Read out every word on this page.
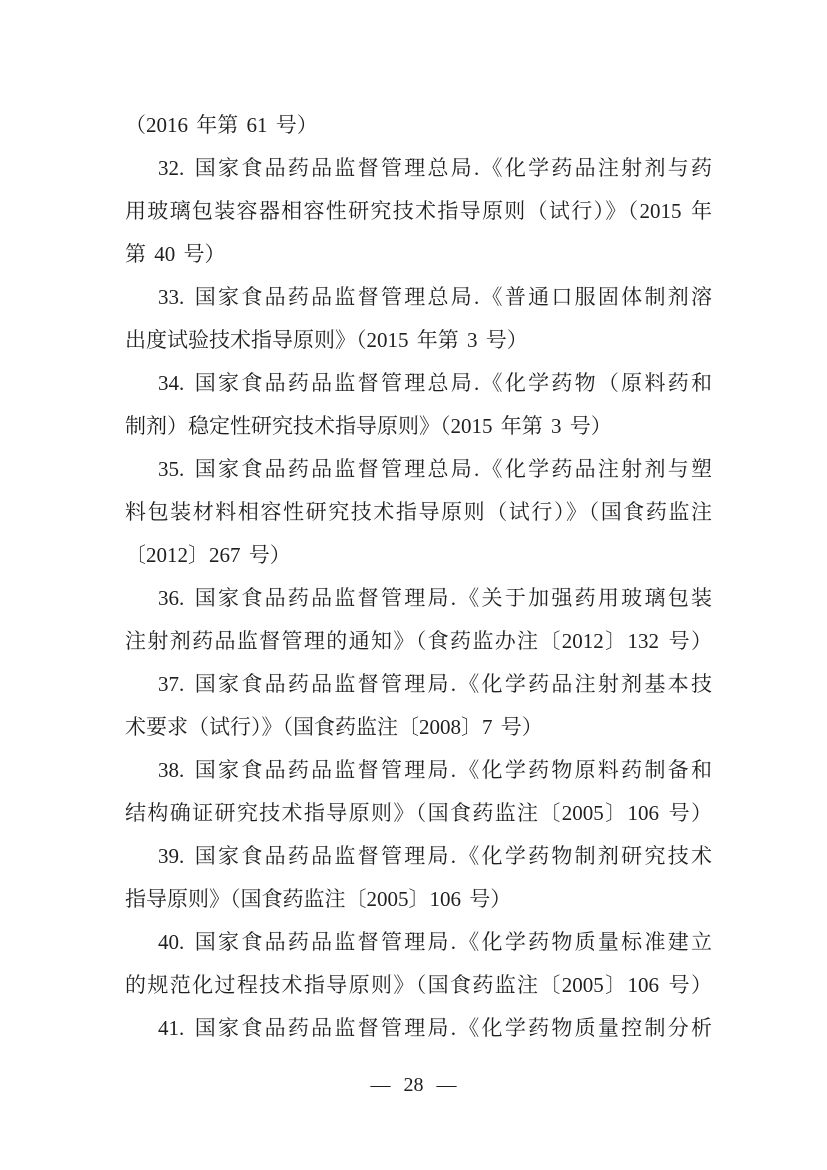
（2016 年第 61 号）
32. 国家食品药品监督管理总局.《化学药品注射剂与药
用玻璃包装容器相容性研究技术指导原则（试行）》（2015 年
第 40 号）
33. 国家食品药品监督管理总局.《普通口服固体制剂溶
出度试验技术指导原则》（2015 年第 3 号）
34. 国家食品药品监督管理总局.《化学药物（原料药和
制剂）稳定性研究技术指导原则》（2015 年第 3 号）
35. 国家食品药品监督管理总局.《化学药品注射剂与塑
料包装材料相容性研究技术指导原则（试行）》（国食药监注
〔2012〕267 号）
36. 国家食品药品监督管理局.《关于加强药用玻璃包装
注射剂药品监督管理的通知》（食药监办注〔2012〕132 号）
37. 国家食品药品监督管理局.《化学药品注射剂基本技
术要求（试行）》（国食药监注〔2008〕7 号）
38. 国家食品药品监督管理局.《化学药物原料药制备和
结构确证研究技术指导原则》（国食药监注〔2005〕106 号）
39. 国家食品药品监督管理局.《化学药物制剂研究技术
指导原则》（国食药监注〔2005〕106 号）
40. 国家食品药品监督管理局.《化学药物质量标准建立
的规范化过程技术指导原则》（国食药监注〔2005〕106 号）
41. 国家食品药品监督管理局.《化学药物质量控制分析
— 28 —
